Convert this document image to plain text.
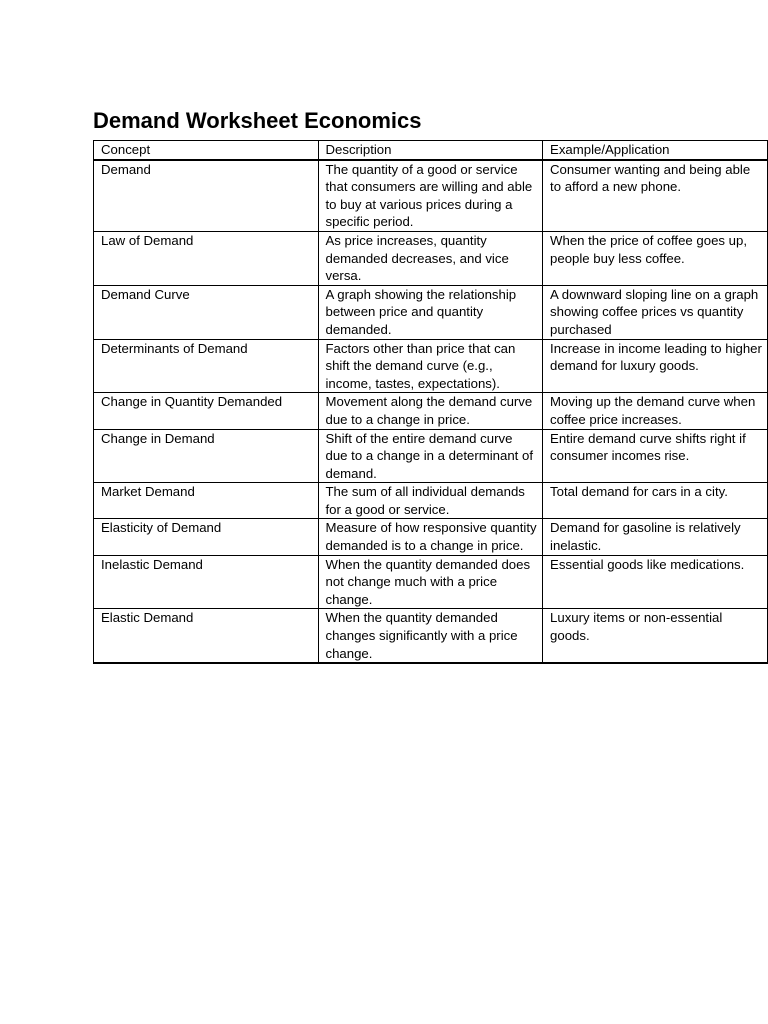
Demand Worksheet Economics
Concept	Description	Example/Application
Demand	The quantity of a good or service that consumers are willing and able to buy at various prices during a specific period.	Consumer wanting and being able to afford a new phone.
Law of Demand	As price increases, quantity demanded decreases, and vice versa.	When the price of coffee goes up, people buy less coffee.
Demand Curve	A graph showing the relationship between price and quantity demanded.	A downward sloping line on a graph showing coffee prices vs quantity purchased
Determinants of Demand	Factors other than price that can shift the demand curve (e.g., income, tastes, expectations).	Increase in income leading to higher demand for luxury goods.
Change in Quantity Demanded	Movement along the demand curve due to a change in price.	Moving up the demand curve when coffee price increases.
Change in Demand	Shift of the entire demand curve due to a change in a determinant of demand.	Entire demand curve shifts right if consumer incomes rise.
Market Demand	The sum of all individual demands for a good or service.	Total demand for cars in a city.
Elasticity of Demand	Measure of how responsive quantity demanded is to a change in price.	Demand for gasoline is relatively inelastic.
Inelastic Demand	When the quantity demanded does not change much with a price change.	Essential goods like medications.
Elastic Demand	When the quantity demanded changes significantly with a price change.	Luxury items or non-essential goods.
